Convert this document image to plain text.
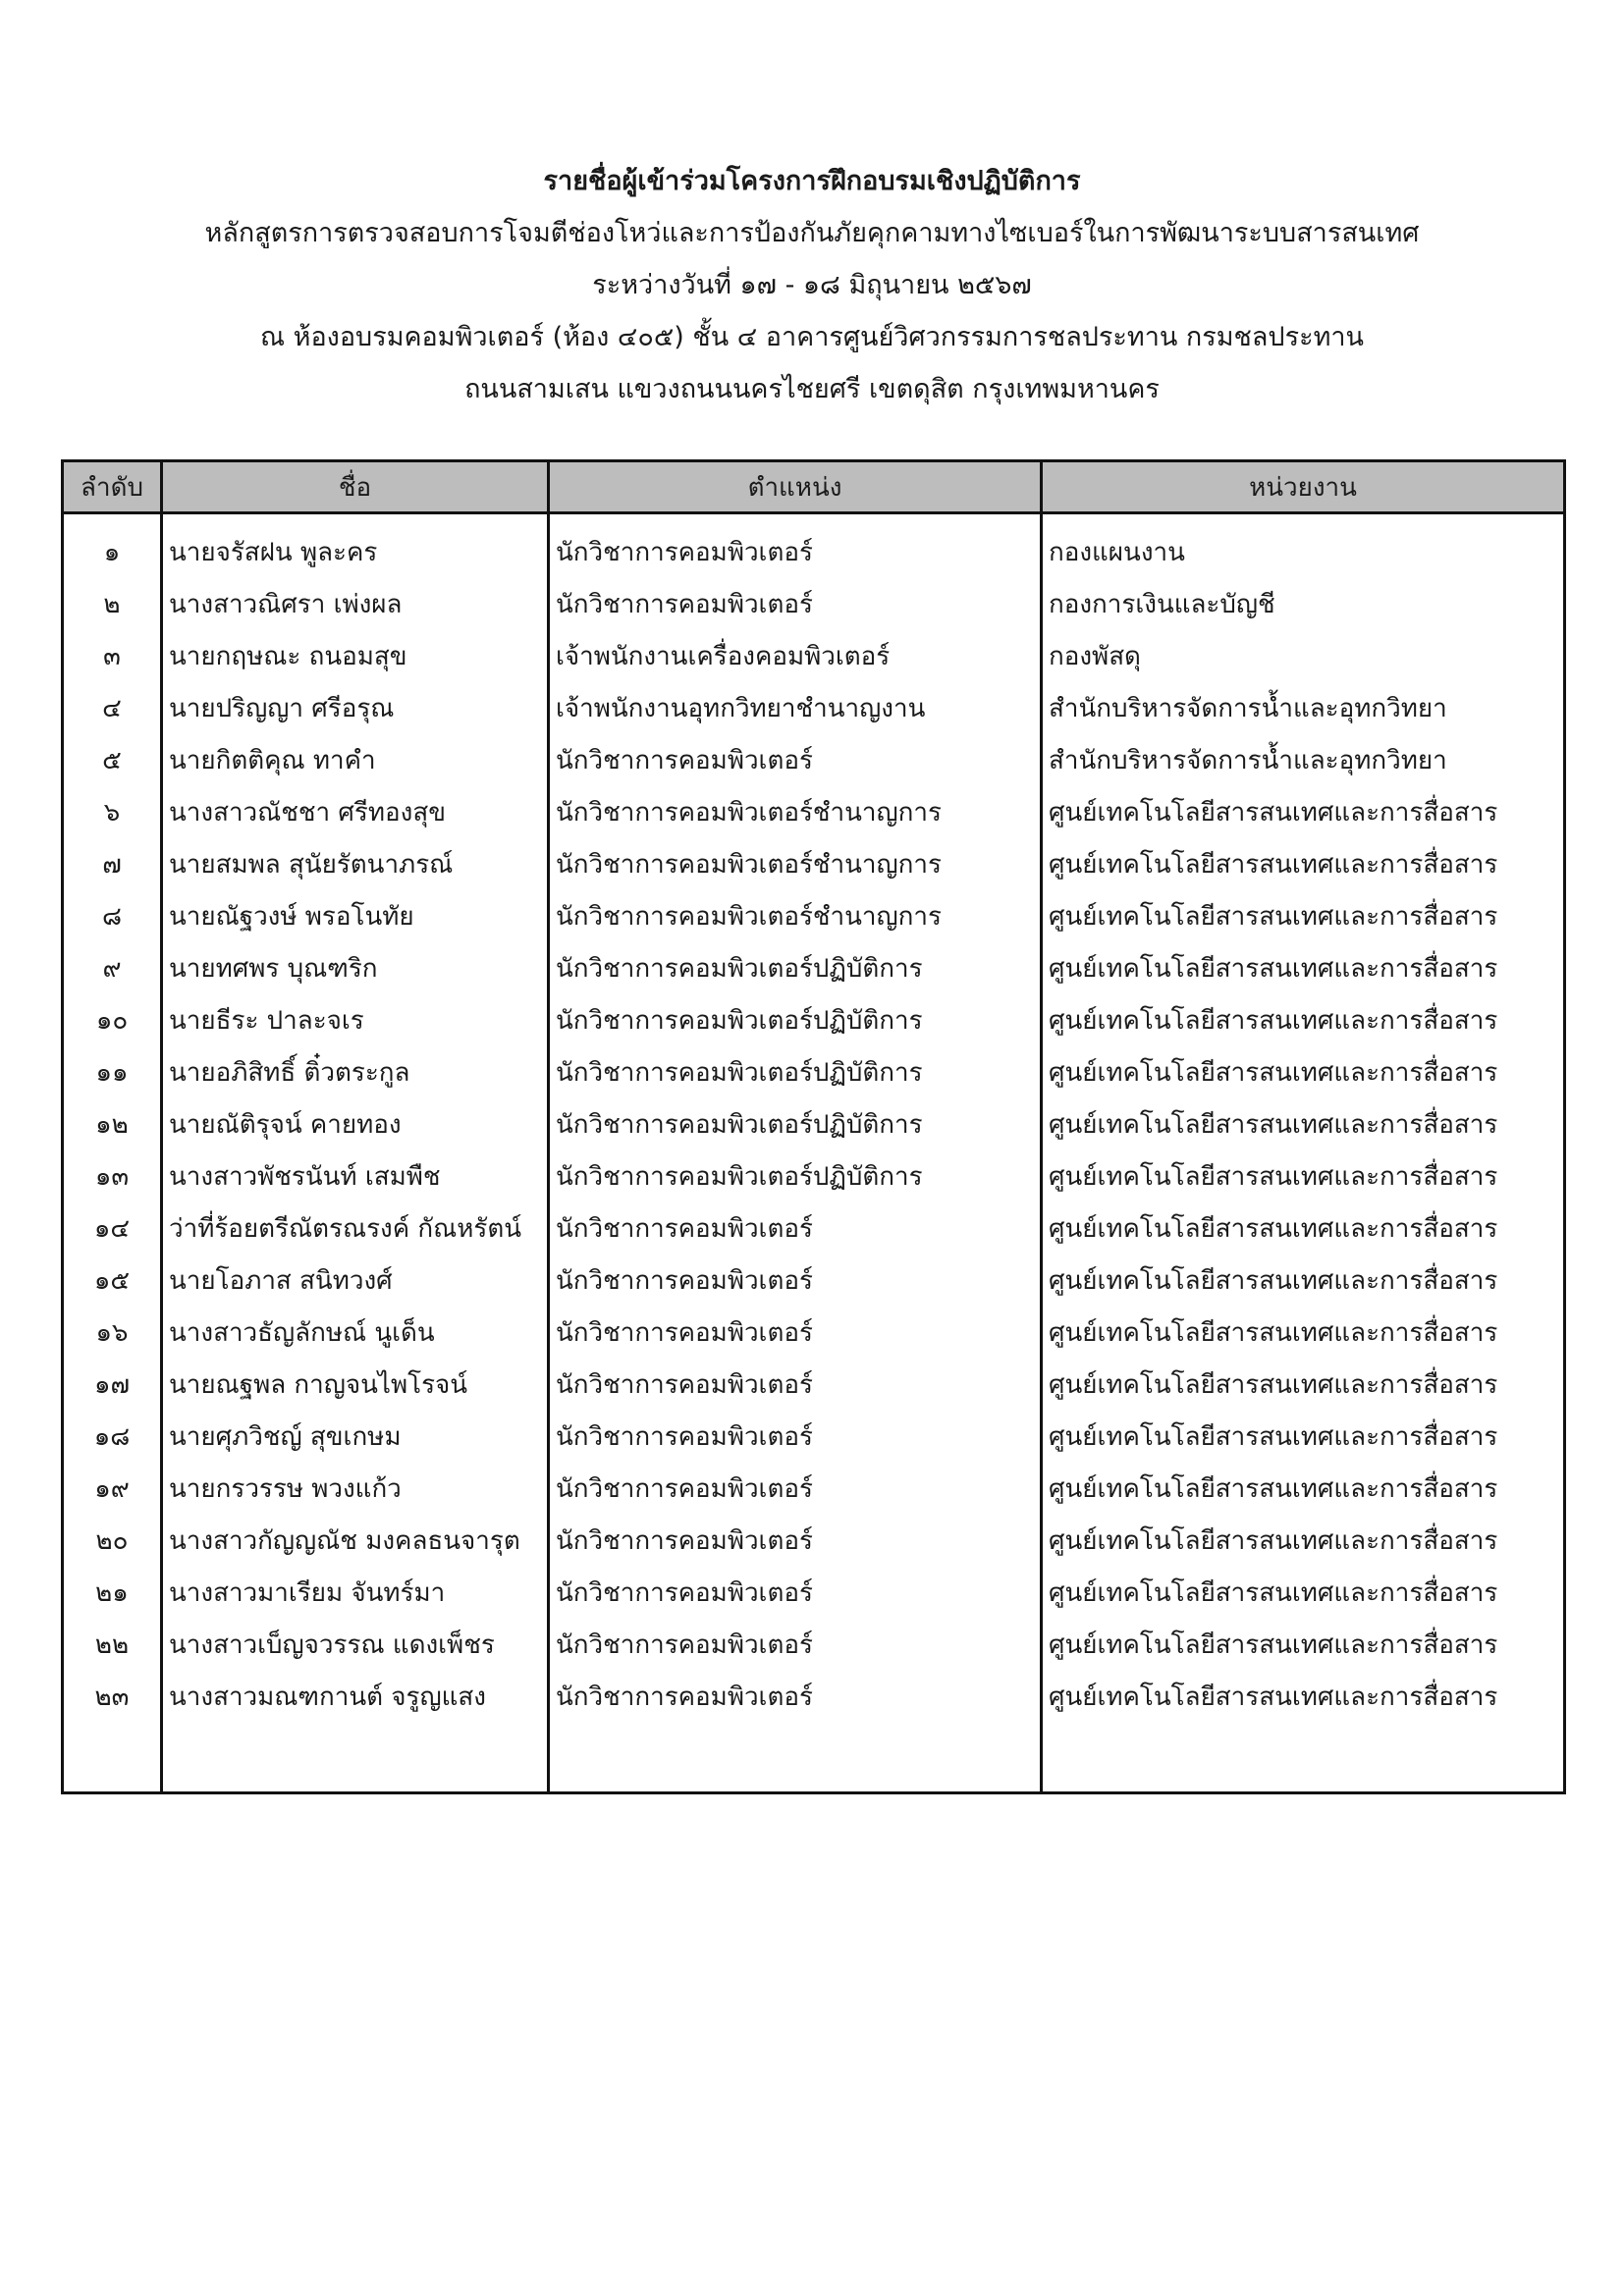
รายชื่อผู้เข้าร่วมโครงการฝึกอบรมเชิงปฏิบัติการ
หลักสูตรการตรวจสอบการโจมตีช่องโหว่และการป้องกันภัยคุกคามทางไซเบอร์ในการพัฒนาระบบสารสนเทศ
ระหว่างวันที่ ๑๗ - ๑๘ มิถุนายน ๒๕๖๗
ณ ห้องอบรมคอมพิวเตอร์ (ห้อง ๔๐๕) ชั้น ๔ อาคารศูนย์วิศวกรรมการชลประทาน กรมชลประทาน
ถนนสามเสน แขวงถนนนครไชยศรี เขตดุสิต กรุงเทพมหานคร
ลำดับ	ชื่อ	ตำแหน่ง	หน่วยงาน
๑	นายจรัสฝน พูละคร	นักวิชาการคอมพิวเตอร์	กองแผนงาน
๒	นางสาวณิศรา เพ่งผล	นักวิชาการคอมพิวเตอร์	กองการเงินและบัญชี
๓	นายกฤษณะ ถนอมสุข	เจ้าพนักงานเครื่องคอมพิวเตอร์	กองพัสดุ
๔	นายปริญญา ศรีอรุณ	เจ้าพนักงานอุทกวิทยาชำนาญงาน	สำนักบริหารจัดการน้ำและอุทกวิทยา
๕	นายกิตติคุณ ทาคำ	นักวิชาการคอมพิวเตอร์	สำนักบริหารจัดการน้ำและอุทกวิทยา
๖	นางสาวณัชชา ศรีทองสุข	นักวิชาการคอมพิวเตอร์ชำนาญการ	ศูนย์เทคโนโลยีสารสนเทศและการสื่อสาร
๗	นายสมพล สุนัยรัตนาภรณ์	นักวิชาการคอมพิวเตอร์ชำนาญการ	ศูนย์เทคโนโลยีสารสนเทศและการสื่อสาร
๘	นายณัฐวงษ์ พรอโนทัย	นักวิชาการคอมพิวเตอร์ชำนาญการ	ศูนย์เทคโนโลยีสารสนเทศและการสื่อสาร
๙	นายทศพร บุณฑริก	นักวิชาการคอมพิวเตอร์ปฏิบัติการ	ศูนย์เทคโนโลยีสารสนเทศและการสื่อสาร
๑๐	นายธีระ ปาละจเร	นักวิชาการคอมพิวเตอร์ปฏิบัติการ	ศูนย์เทคโนโลยีสารสนเทศและการสื่อสาร
๑๑	นายอภิสิทธิ์ ติ๋วตระกูล	นักวิชาการคอมพิวเตอร์ปฏิบัติการ	ศูนย์เทคโนโลยีสารสนเทศและการสื่อสาร
๑๒	นายณัติรุจน์ คายทอง	นักวิชาการคอมพิวเตอร์ปฏิบัติการ	ศูนย์เทคโนโลยีสารสนเทศและการสื่อสาร
๑๓	นางสาวพัชรนันท์ เสมพืช	นักวิชาการคอมพิวเตอร์ปฏิบัติการ	ศูนย์เทคโนโลยีสารสนเทศและการสื่อสาร
๑๔	ว่าที่ร้อยตรีณัตรณรงค์ กัณหรัตน์	นักวิชาการคอมพิวเตอร์	ศูนย์เทคโนโลยีสารสนเทศและการสื่อสาร
๑๕	นายโอภาส สนิทวงศ์	นักวิชาการคอมพิวเตอร์	ศูนย์เทคโนโลยีสารสนเทศและการสื่อสาร
๑๖	นางสาวธัญลักษณ์ นูเด็น	นักวิชาการคอมพิวเตอร์	ศูนย์เทคโนโลยีสารสนเทศและการสื่อสาร
๑๗	นายณฐพล กาญจนไพโรจน์	นักวิชาการคอมพิวเตอร์	ศูนย์เทคโนโลยีสารสนเทศและการสื่อสาร
๑๘	นายศุภวิชญ์ สุขเกษม	นักวิชาการคอมพิวเตอร์	ศูนย์เทคโนโลยีสารสนเทศและการสื่อสาร
๑๙	นายกรวรรษ พวงแก้ว	นักวิชาการคอมพิวเตอร์	ศูนย์เทคโนโลยีสารสนเทศและการสื่อสาร
๒๐	นางสาวกัญญณัช มงคลธนจารุต	นักวิชาการคอมพิวเตอร์	ศูนย์เทคโนโลยีสารสนเทศและการสื่อสาร
๒๑	นางสาวมาเรียม จันทร์มา	นักวิชาการคอมพิวเตอร์	ศูนย์เทคโนโลยีสารสนเทศและการสื่อสาร
๒๒	นางสาวเบ็ญจวรรณ แดงเพ็ชร	นักวิชาการคอมพิวเตอร์	ศูนย์เทคโนโลยีสารสนเทศและการสื่อสาร
๒๓	นางสาวมณฑกานต์ จรูญแสง	นักวิชาการคอมพิวเตอร์	ศูนย์เทคโนโลยีสารสนเทศและการสื่อสาร
